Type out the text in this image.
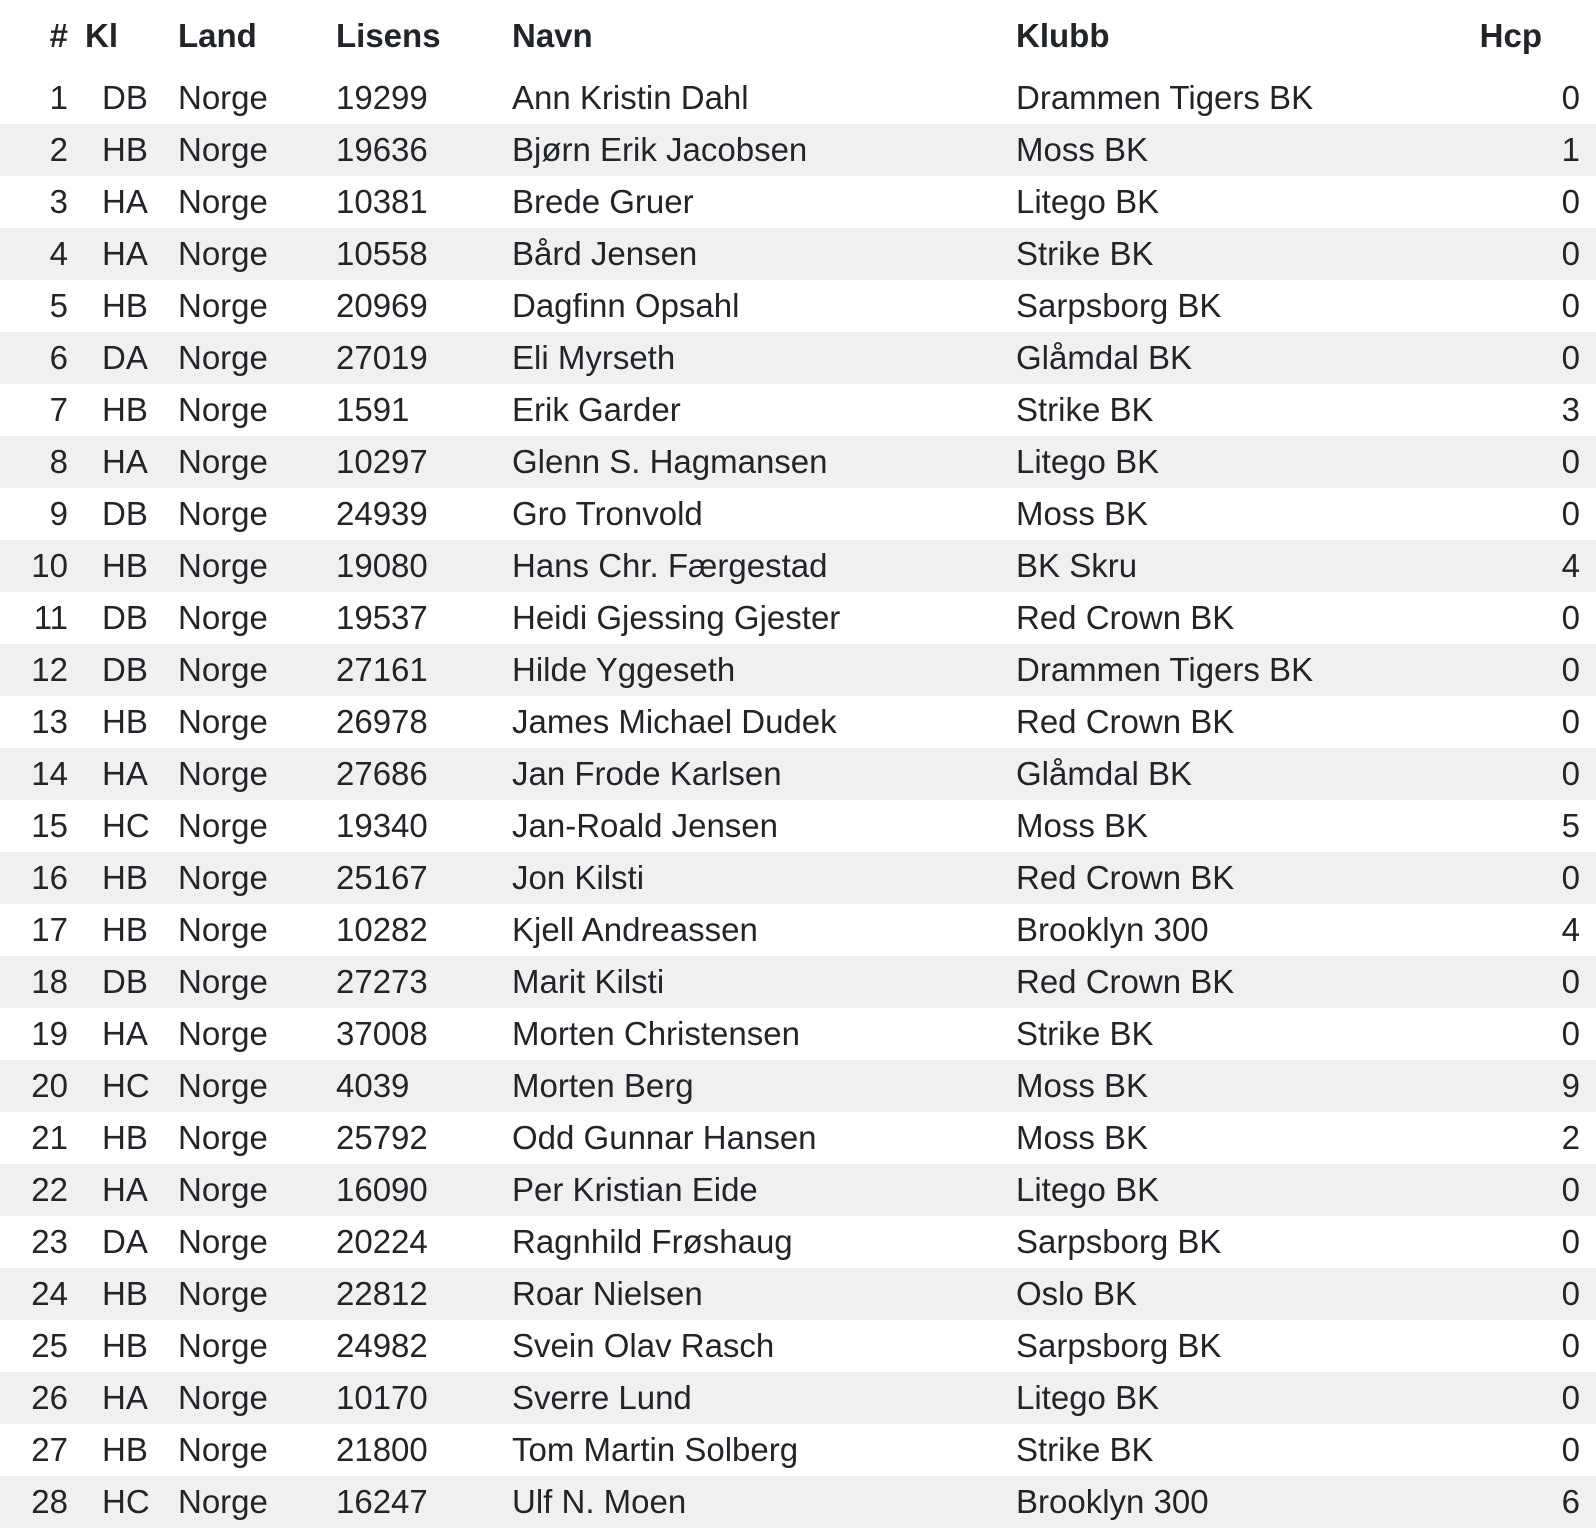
#	Kl	Land	Lisens	Navn	Klubb	Hcp
1	DB	Norge	19299	Ann Kristin Dahl	Drammen Tigers BK	0
2	HB	Norge	19636	Bjørn Erik Jacobsen	Moss BK	1
3	HA	Norge	10381	Brede Gruer	Litego BK	0
4	HA	Norge	10558	Bård Jensen	Strike BK	0
5	HB	Norge	20969	Dagfinn Opsahl	Sarpsborg BK	0
6	DA	Norge	27019	Eli Myrseth	Glåmdal BK	0
7	HB	Norge	1591	Erik Garder	Strike BK	3
8	HA	Norge	10297	Glenn S. Hagmansen	Litego BK	0
9	DB	Norge	24939	Gro Tronvold	Moss BK	0
10	HB	Norge	19080	Hans Chr. Færgestad	BK Skru	4
11	DB	Norge	19537	Heidi Gjessing Gjester	Red Crown BK	0
12	DB	Norge	27161	Hilde Yggeseth	Drammen Tigers BK	0
13	HB	Norge	26978	James Michael Dudek	Red Crown BK	0
14	HA	Norge	27686	Jan Frode Karlsen	Glåmdal BK	0
15	HC	Norge	19340	Jan-Roald Jensen	Moss BK	5
16	HB	Norge	25167	Jon Kilsti	Red Crown BK	0
17	HB	Norge	10282	Kjell Andreassen	Brooklyn 300	4
18	DB	Norge	27273	Marit Kilsti	Red Crown BK	0
19	HA	Norge	37008	Morten Christensen	Strike BK	0
20	HC	Norge	4039	Morten Berg	Moss BK	9
21	HB	Norge	25792	Odd Gunnar Hansen	Moss BK	2
22	HA	Norge	16090	Per Kristian Eide	Litego BK	0
23	DA	Norge	20224	Ragnhild Frøshaug	Sarpsborg BK	0
24	HB	Norge	22812	Roar Nielsen	Oslo BK	0
25	HB	Norge	24982	Svein Olav Rasch	Sarpsborg BK	0
26	HA	Norge	10170	Sverre Lund	Litego BK	0
27	HB	Norge	21800	Tom Martin Solberg	Strike BK	0
28	HC	Norge	16247	Ulf N. Moen	Brooklyn 300	6
